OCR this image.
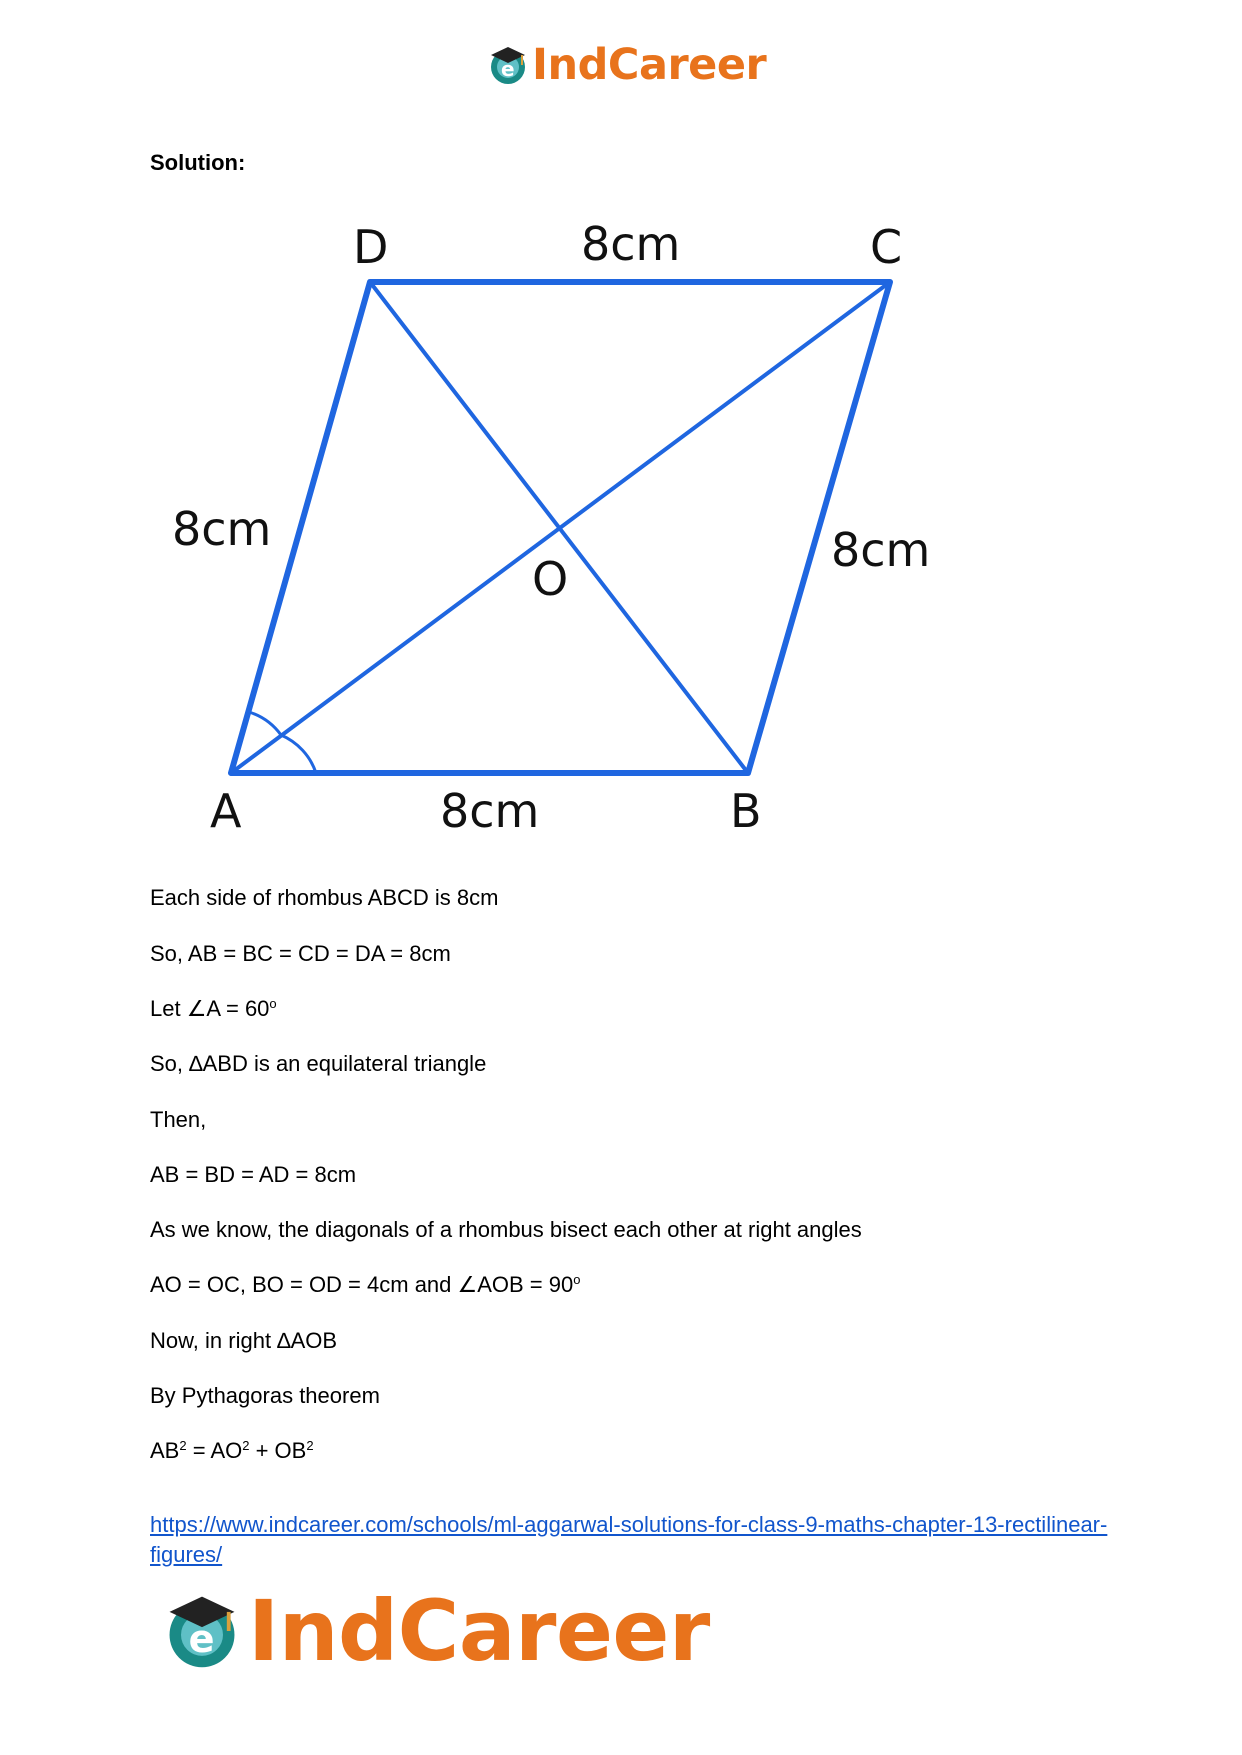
e IndCareer
Solution:
D	C
A	B
O
8cm
8cm	8cm
8cm
Each side of rhombus ABCD is 8cm
So, AB = BC = CD = DA = 8cm
Let ∠A = $60^o$
So, ∆ABD is an equilateral triangle
Then,
AB = BD = AD = 8cm
As we know, the diagonals of a rhombus bisect each other at right angles
AO = OC, BO = OD = 4cm and ∠AOB = $90^o$
Now, in right ∆AOB
By Pythagoras theorem
$AB^2 = AO^2 + OB^2$
https://www.indcareer.com/schools/ml-aggarwal-solutions-for-class-9-maths-chapter-13-rectilinear-figures/
e IndCareer
